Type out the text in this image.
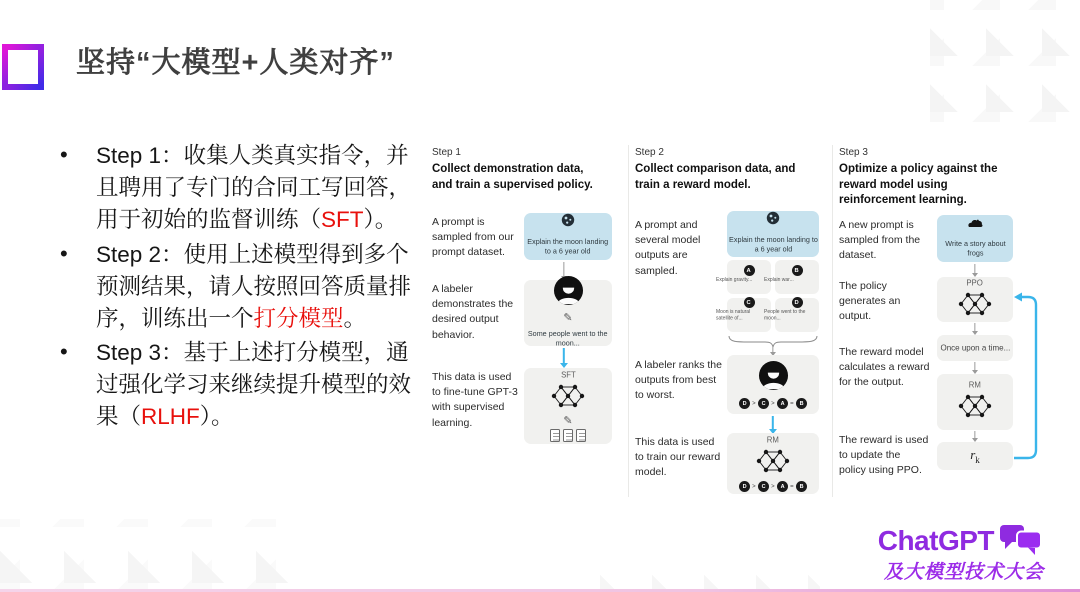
坚持“大模型+人类对齐”
• Step 1：收集人类真实指令，并且聘用了专门的合同工写回答，用于初始的监督训练（SFT）。
• Step 2：使用上述模型得到多个预测结果，请人按照回答质量排序，训练出一个打分模型。
• Step 3：基于上述打分模型，通过强化学习来继续提升模型的效果（RLHF）。
Step 1
Collect demonstration data, and train a supervised policy.
A prompt is sampled from our prompt dataset.
Explain the moon landing to a 6 year old
A labeler demonstrates the desired output behavior.
✎
Some people went to the moon...
This data is used to fine-tune GPT-3 with supervised learning.
SFT
✎
Step 2
Collect comparison data, and train a reward model.
A prompt and several model outputs are sampled.
Explain the moon landing to a 6 year old
A
Explain gravity...
B
Explain war...
C
Moon is natural satellite of...
D
People went to the moon...
A labeler ranks the outputs from best to worst.
D > C > A = B
This data is used to train our reward model.
RM
D > C > A = B
Step 3
Optimize a policy against the reward model using reinforcement learning.
A new prompt is sampled from the dataset.
Write a story about frogs
The policy generates an output.
PPO
Once upon a time...
The reward model calculates a reward for the output.	RM
The reward is used to update the policy using PPO.
$r_k$
ChatGPT
及大模型技术大会
